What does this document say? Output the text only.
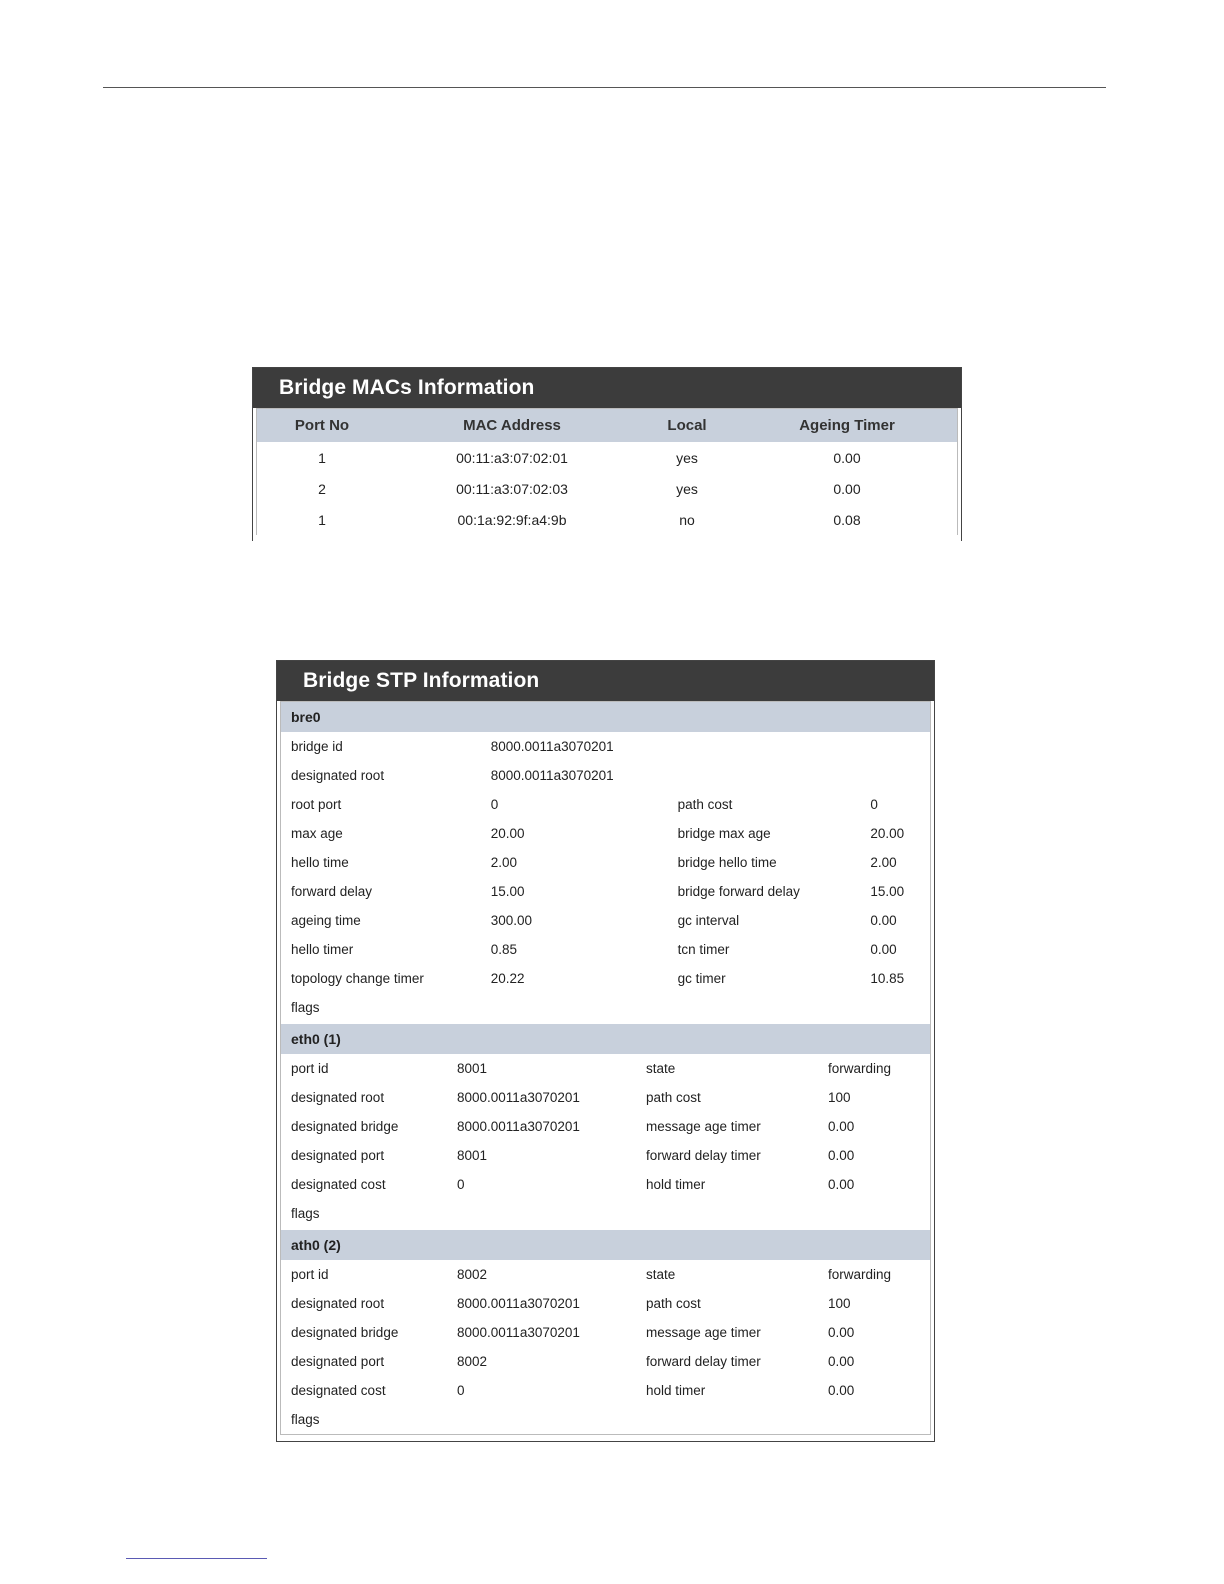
Bridge MACs Information
Port No	MAC Address	Local	Ageing Timer
1	00:11:a3:07:02:01	yes	0.00
2	00:11:a3:07:02:03	yes	0.00
1	00:1a:92:9f:a4:9b	no	0.08
Bridge STP Information
bre0
bridge id	8000.0011a3070201
designated root	8000.0011a3070201
root port	0	path cost	0
max age	20.00	bridge max age	20.00
hello time	2.00	bridge hello time	2.00
forward delay	15.00	bridge forward delay	15.00
ageing time	300.00	gc interval	0.00
hello timer	0.85	tcn timer	0.00
topology change timer	20.22	gc timer	10.85
flags
eth0 (1)
port id	8001	state	forwarding
designated root	8000.0011a3070201	path cost	100
designated bridge	8000.0011a3070201	message age timer	0.00
designated port	8001	forward delay timer	0.00
designated cost	0	hold timer	0.00
flags
ath0 (2)
port id	8002	state	forwarding
designated root	8000.0011a3070201	path cost	100
designated bridge	8000.0011a3070201	message age timer	0.00
designated port	8002	forward delay timer	0.00
designated cost	0	hold timer	0.00
flags
